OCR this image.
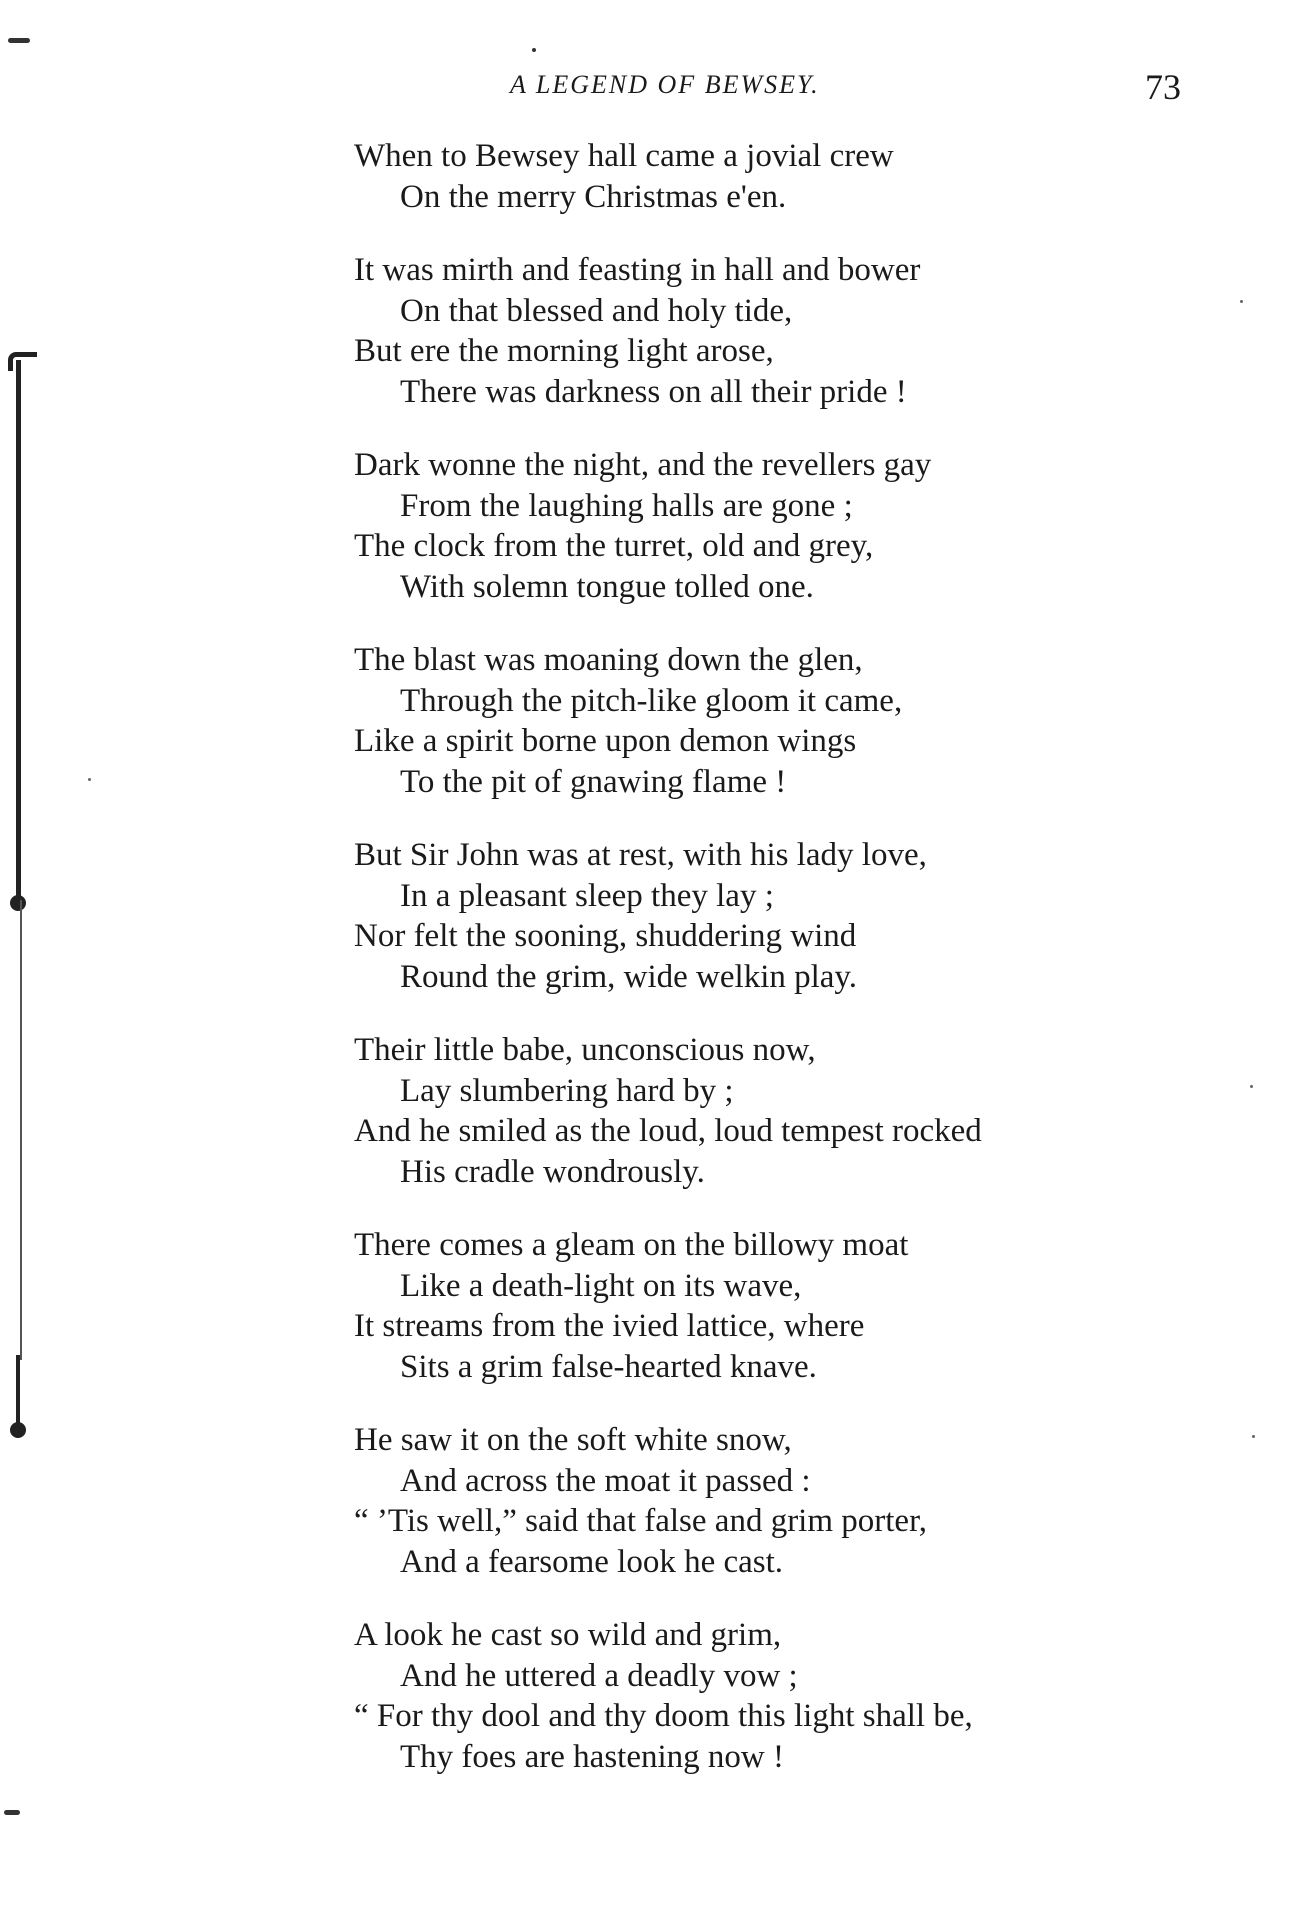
A LEGEND OF BEWSEY.	73
When to Bewsey hall came a jovial crew
On the merry Christmas e'en.
It was mirth and feasting in hall and bower
On that blessed and holy tide,
But ere the morning light arose,
There was darkness on all their pride !
Dark wonne the night, and the revellers gay
From the laughing halls are gone ;
The clock from the turret, old and grey,
With solemn tongue tolled one.
The blast was moaning down the glen,
Through the pitch-like gloom it came,
Like a spirit borne upon demon wings
To the pit of gnawing flame !
But Sir John was at rest, with his lady love,
In a pleasant sleep they lay ;
Nor felt the sooning, shuddering wind
Round the grim, wide welkin play.
Their little babe, unconscious now,
Lay slumbering hard by ;
And he smiled as the loud, loud tempest rocked
His cradle wondrously.
There comes a gleam on the billowy moat
Like a death-light on its wave,
It streams from the ivied lattice, where
Sits a grim false-hearted knave.
He saw it on the soft white snow,
And across the moat it passed :
“ ’Tis well,” said that false and grim porter,
And a fearsome look he cast.
A look he cast so wild and grim,
And he uttered a deadly vow ;
“ For thy dool and thy doom this light shall be,
Thy foes are hastening now !
